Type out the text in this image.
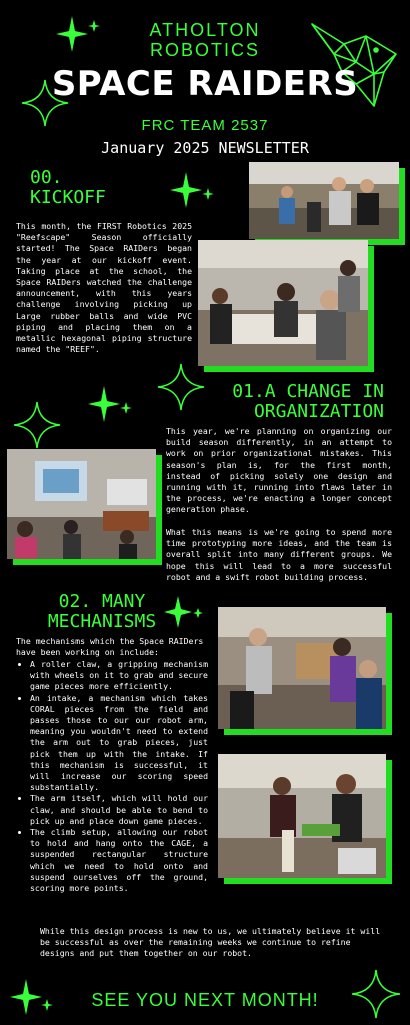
ATHOLTON
ROBOTICS
SPACE RAIDERS
FRC TEAM 2537
January 2025 NEWSLETTER
00.
KICKOFF
This month, the FIRST Robotics 2025 "Reefscape" Season officially started! The Space RAIDers began the year at our kickoff event. Taking place at the school, the Space RAIDers watched the challenge announcement, with this years challenge involving picking up Large rubber balls and wide PVC piping and placing them on a metallic hexagonal piping structure named the "REEF".
01.A CHANGE IN
ORGANIZATION
This year, we're planning on organizing our build season differently, in an attempt to work on prior organizational mistakes. This season's plan is, for the first month, instead of picking solely one design and running with it, running into flaws later in the process, we're enacting a longer concept generation phase.
What this means is we're going to spend more time prototyping more ideas, and the team is overall split into many different groups. We hope this will lead to a more successful robot and a swift robot building process.
02. MANY
MECHANISMS
The mechanisms which the Space RAIDers have been working on include:
• A roller claw, a gripping mechanism with wheels on it to grab and secure game pieces more efficiently.
• An intake, a mechanism which takes CORAL pieces from the field and passes those to our our robot arm, meaning you wouldn't need to extend the arm out to grab pieces, just pick them up with the intake. If this mechanism is successful, it will increase our scoring speed substantially.
• The arm itself, which will hold our claw, and should be able to bend to pick up and place down game pieces.
• The climb setup, allowing our robot to hold and hang onto the CAGE, a suspended rectangular structure which we need to hold onto and suspend ourselves off the ground, scoring more points.
While this design process is new to us, we ultimately believe it will be successful as over the remaining weeks we continue to refine designs and put them together on our robot.
SEE YOU NEXT MONTH!
